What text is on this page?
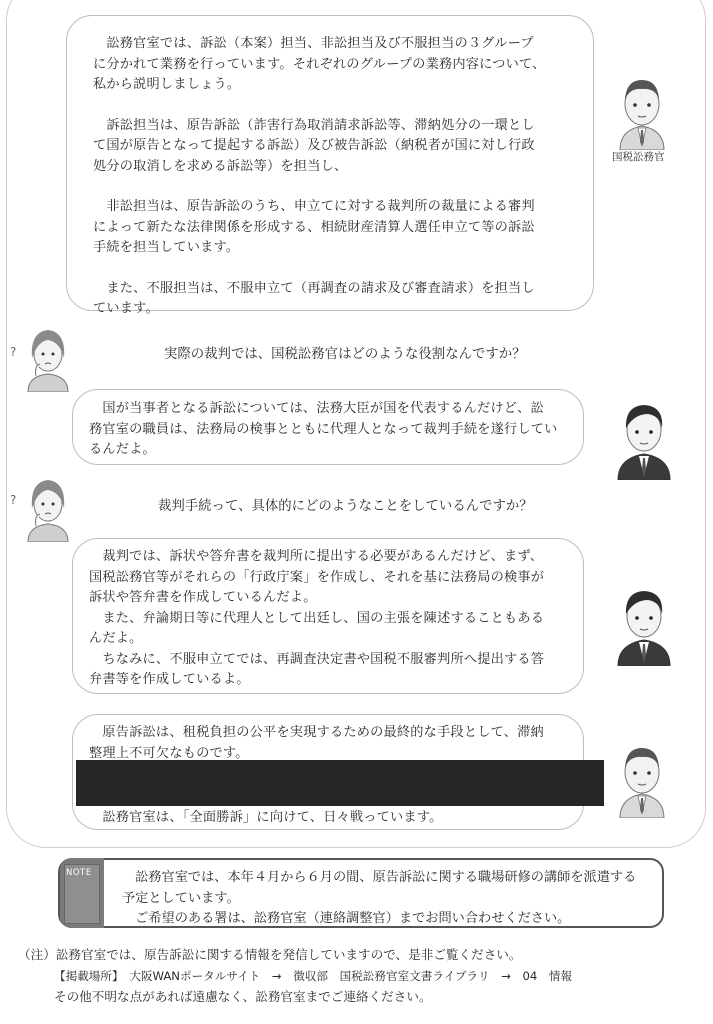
　訟務官室では、訴訟（本案）担当、非訟担当及び不服担当の３グループ

に分かれて業務を行っています。それぞれのグループの業務内容について、

私から説明しましょう。

　訴訟担当は、原告訴訟（詐害行為取消請求訴訟等、滞納処分の一環とし

て国が原告となって提起する訴訟）及び被告訴訟（納税者が国に対し行政

処分の取消しを求める訴訟等）を担当し、

　非訟担当は、原告訴訟のうち、申立てに対する裁判所の裁量による審判

によって新たな法律関係を形成する、相続財産清算人選任申立て等の訴訟

手続を担当しています。

　また、不服担当は、不服申立て（再調査の請求及び審査請求）を担当し

ています。

国税訟務官
?	実際の裁判では、国税訟務官はどのような役割なんですか？

　国が当事者となる訴訟については、法務大臣が国を代表するんだけど、訟

務官室の職員は、法務局の検事とともに代理人となって裁判手続を遂行してい

るんだよ。

?	裁判手続って、具体的にどのようなことをしているんですか？

　裁判では、訴状や答弁書を裁判所に提出する必要があるんだけど、まず、

国税訟務官等がそれらの「行政庁案」を作成し、それを基に法務局の検事が

訴状や答弁書を作成しているんだよ。

　また、弁論期日等に代理人として出廷し、国の主張を陳述することもある

んだよ。

　ちなみに、不服申立てでは、再調査決定書や国税不服審判所へ提出する答

弁書等を作成しているよ。

　原告訴訟は、租税負担の公平を実現するための最終的な手段として、滞納

整理上不可欠なものです。

　訟務官室は、「全面勝訴」に向けて、日々戦っています。

NOTE 　訟務官室では、本年４月から６月の間、原告訴訟に関する職場研修の講師を派遣する
予定としています。
　ご希望のある署は、訟務官室（連絡調整官）までお問い合わせください。
（注）訟務官室では、原告訴訟に関する情報を発信していますので、是非ご覧ください。
【掲載場所】　大阪WANポータルサイト　→　徴収部　国税訟務官室文書ライブラリ　→　04　情報
その他不明な点があれば遠慮なく、訟務官室までご連絡ください。
